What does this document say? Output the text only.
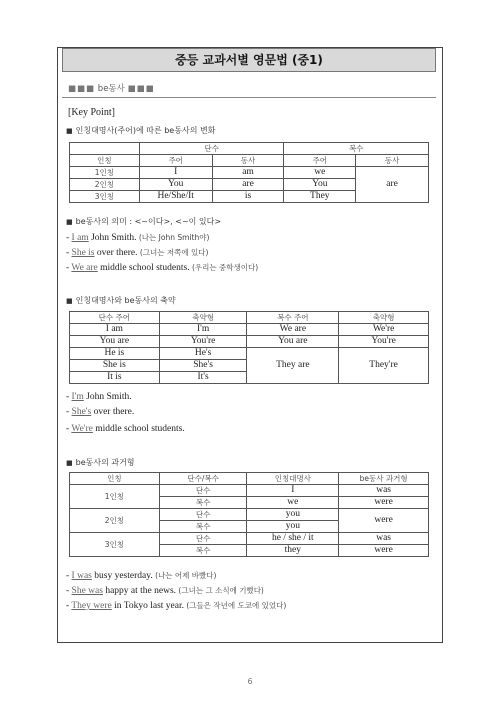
중등 교과서별 영문법 (중1)
■■■ be동사 ■■■
[Key Point]
■ 인칭대명사(주어)에 따른 be동사의 변화
	단수		복수	
인칭	주어	동사	주어	동사
1인칭	I	am	we	are
2인칭	You	are	You	
3인칭	He/She/It	is	They	
■ be동사의 의미 : <~이다>, <~이 있다>
- I am John Smith. (나는 John Smith야)
- She is over there. (그녀는 저쪽에 있다)
- We are middle school students. (우리는 중학생이다)
■ 인칭대명사와 be동사의 축약
단수 주어	축약형	복수 주어	축약형
I am	I'm	We are	We're
You are	You're	You are	You're
He is	He's	They are	They're
She is	She's		
It is	It's		
- I'm John Smith.
- She's over there.
- We're middle school students.
■ be동사의 과거형
인칭	단수/복수	인칭대명사	be동사 과거형
1인칭	단수	I	was
	복수	we	were
2인칭	단수	you	were
	복수	you	
3인칭	단수	he / she / it	was
	복수	they	were
- I was busy yesterday. (나는 어제 바빴다)
- She was happy at the news. (그녀는 그 소식에 기뻤다)
- They were in Tokyo last year. (그들은 작년에 도쿄에 있었다)
6
